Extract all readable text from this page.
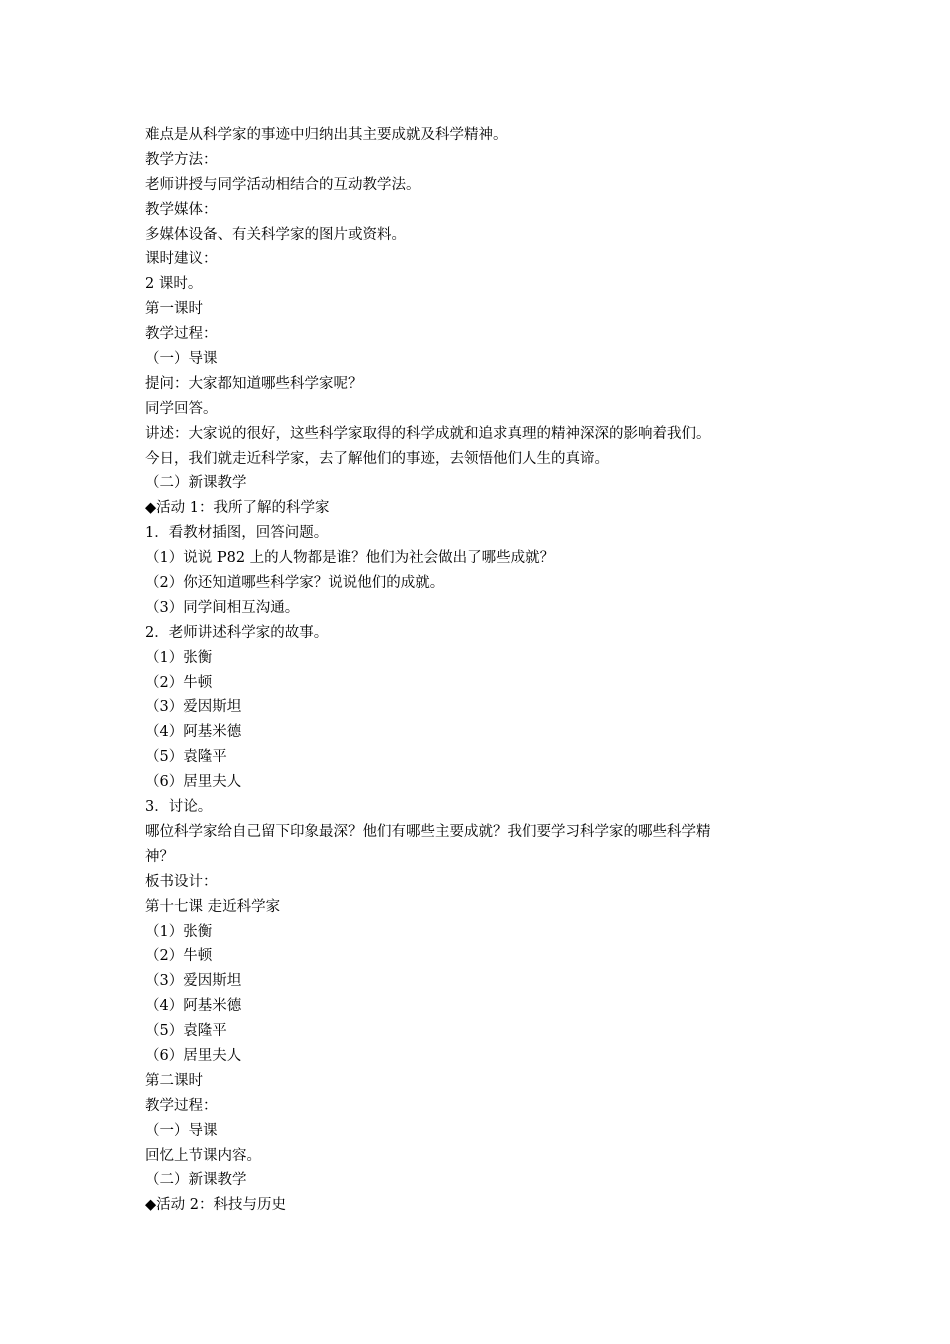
难点是从科学家的事迹中归纳出其主要成就及科学精神。
教学方法：
老师讲授与同学活动相结合的互动教学法。
教学媒体：
多媒体设备、有关科学家的图片或资料。
课时建议：
2 课时。
第一课时
教学过程：
（一）导课
提问：大家都知道哪些科学家呢？
同学回答。
讲述：大家说的很好，这些科学家取得的科学成就和追求真理的精神深深的影响着我们。
今日，我们就走近科学家，去了解他们的事迹，去领悟他们人生的真谛。
（二）新课教学
◆活动 1：我所了解的科学家
1．看教材插图，回答问题。
（1）说说 P82 上的人物都是谁？他们为社会做出了哪些成就？
（2）你还知道哪些科学家？说说他们的成就。
（3）同学间相互沟通。
2．老师讲述科学家的故事。
（1）张衡
（2）牛顿
（3）爱因斯坦
（4）阿基米德
（5）袁隆平
（6）居里夫人
3．讨论。
哪位科学家给自己留下印象最深？他们有哪些主要成就？我们要学习科学家的哪些科学精
神？
板书设计：
第十七课 走近科学家
（1）张衡
（2）牛顿
（3）爱因斯坦
（4）阿基米德
（5）袁隆平
（6）居里夫人
第二课时
教学过程：
（一）导课
回忆上节课内容。
（二）新课教学
◆活动 2：科技与历史
